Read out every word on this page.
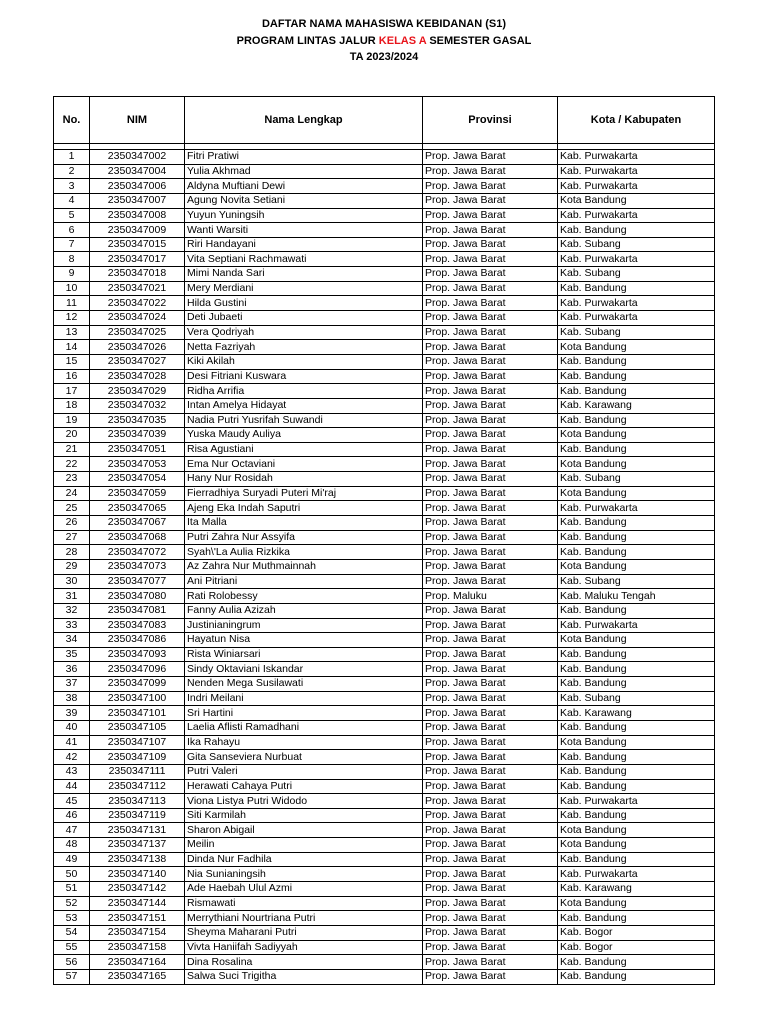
DAFTAR NAMA MAHASISWA KEBIDANAN (S1)
PROGRAM LINTAS JALUR KELAS A SEMESTER GASAL
TA 2023/2024
No.	NIM	Nama Lengkap	Provinsi	Kota / Kabupaten

1	2350347002	Fitri Pratiwi	Prop. Jawa Barat	Kab. Purwakarta
2	2350347004	Yulia Akhmad	Prop. Jawa Barat	Kab. Purwakarta
3	2350347006	Aldyna Muftiani Dewi	Prop. Jawa Barat	Kab. Purwakarta
4	2350347007	Agung Novita Setiani	Prop. Jawa Barat	Kota Bandung
5	2350347008	Yuyun Yuningsih	Prop. Jawa Barat	Kab. Purwakarta
6	2350347009	Wanti Warsiti	Prop. Jawa Barat	Kab. Bandung
7	2350347015	Riri Handayani	Prop. Jawa Barat	Kab. Subang
8	2350347017	Vita Septiani Rachmawati	Prop. Jawa Barat	Kab. Purwakarta
9	2350347018	Mimi Nanda Sari	Prop. Jawa Barat	Kab. Subang
10	2350347021	Mery Merdiani	Prop. Jawa Barat	Kab. Bandung
11	2350347022	Hilda Gustini	Prop. Jawa Barat	Kab. Purwakarta
12	2350347024	Deti Jubaeti	Prop. Jawa Barat	Kab. Purwakarta
13	2350347025	Vera Qodriyah	Prop. Jawa Barat	Kab. Subang
14	2350347026	Netta Fazriyah	Prop. Jawa Barat	Kota Bandung
15	2350347027	Kiki Akilah	Prop. Jawa Barat	Kab. Bandung
16	2350347028	Desi Fitriani Kuswara	Prop. Jawa Barat	Kab. Bandung
17	2350347029	Ridha Arrifia	Prop. Jawa Barat	Kab. Bandung
18	2350347032	Intan Amelya Hidayat	Prop. Jawa Barat	Kab. Karawang
19	2350347035	Nadia Putri Yusrifah Suwandi	Prop. Jawa Barat	Kab. Bandung
20	2350347039	Yuska Maudy Auliya	Prop. Jawa Barat	Kota Bandung
21	2350347051	Risa Agustiani	Prop. Jawa Barat	Kab. Bandung
22	2350347053	Ema Nur Octaviani	Prop. Jawa Barat	Kota Bandung
23	2350347054	Hany Nur Rosidah	Prop. Jawa Barat	Kab. Subang
24	2350347059	Fierradhiya Suryadi Puteri Mi'raj	Prop. Jawa Barat	Kota Bandung
25	2350347065	Ajeng Eka Indah Saputri	Prop. Jawa Barat	Kab. Purwakarta
26	2350347067	Ita Malla	Prop. Jawa Barat	Kab. Bandung
27	2350347068	Putri Zahra Nur Assyifa	Prop. Jawa Barat	Kab. Bandung
28	2350347072	Syah\'La Aulia Rizkika	Prop. Jawa Barat	Kab. Bandung
29	2350347073	Az Zahra Nur Muthmainnah	Prop. Jawa Barat	Kota Bandung
30	2350347077	Ani Pitriani	Prop. Jawa Barat	Kab. Subang
31	2350347080	Rati Rolobessy	Prop. Maluku	Kab. Maluku Tengah
32	2350347081	Fanny Aulia Azizah	Prop. Jawa Barat	Kab. Bandung
33	2350347083	Justinianingrum	Prop. Jawa Barat	Kab. Purwakarta
34	2350347086	Hayatun Nisa	Prop. Jawa Barat	Kota Bandung
35	2350347093	Rista Winiarsari	Prop. Jawa Barat	Kab. Bandung
36	2350347096	Sindy Oktaviani Iskandar	Prop. Jawa Barat	Kab. Bandung
37	2350347099	Nenden Mega Susilawati	Prop. Jawa Barat	Kab. Bandung
38	2350347100	Indri Meilani	Prop. Jawa Barat	Kab. Subang
39	2350347101	Sri Hartini	Prop. Jawa Barat	Kab. Karawang
40	2350347105	Laelia Aflisti Ramadhani	Prop. Jawa Barat	Kab. Bandung
41	2350347107	Ika Rahayu	Prop. Jawa Barat	Kota Bandung
42	2350347109	Gita Sanseviera Nurbuat	Prop. Jawa Barat	Kab. Bandung
43	2350347111	Putri Valeri	Prop. Jawa Barat	Kab. Bandung
44	2350347112	Herawati Cahaya Putri	Prop. Jawa Barat	Kab. Bandung
45	2350347113	Viona Listya Putri Widodo	Prop. Jawa Barat	Kab. Purwakarta
46	2350347119	Siti Karmilah	Prop. Jawa Barat	Kab. Bandung
47	2350347131	Sharon Abigail	Prop. Jawa Barat	Kota Bandung
48	2350347137	Meilin	Prop. Jawa Barat	Kota Bandung
49	2350347138	Dinda Nur Fadhila	Prop. Jawa Barat	Kab. Bandung
50	2350347140	Nia Sunianingsih	Prop. Jawa Barat	Kab. Purwakarta
51	2350347142	Ade Haebah Ulul Azmi	Prop. Jawa Barat	Kab. Karawang
52	2350347144	Rismawati	Prop. Jawa Barat	Kota Bandung
53	2350347151	Merrythiani Nourtriana Putri	Prop. Jawa Barat	Kab. Bandung
54	2350347154	Sheyma Maharani Putri	Prop. Jawa Barat	Kab. Bogor
55	2350347158	Vivta Haniifah Sadiyyah	Prop. Jawa Barat	Kab. Bogor
56	2350347164	Dina Rosalina	Prop. Jawa Barat	Kab. Bandung
57	2350347165	Salwa Suci Trigitha	Prop. Jawa Barat	Kab. Bandung
